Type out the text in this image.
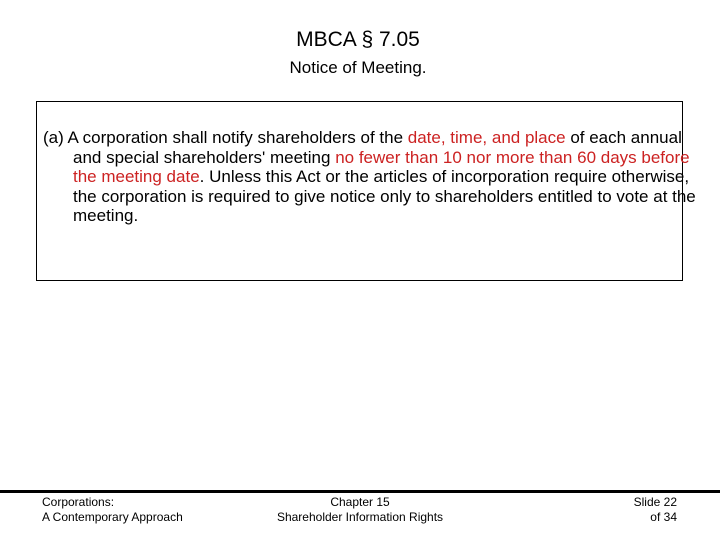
MBCA § 7.05
Notice of Meeting.

(a) A corporation shall notify shareholders of the date, time, and place of each annual and special shareholders' meeting no fewer than 10 nor more than 60 days before the meeting date. Unless this Act or the articles of incorporation require otherwise, the corporation is required to give notice only to shareholders entitled to vote at the meeting.

Corporations:
A Contemporary Approach
Chapter 15
Shareholder Information Rights
Slide 22
of 34
